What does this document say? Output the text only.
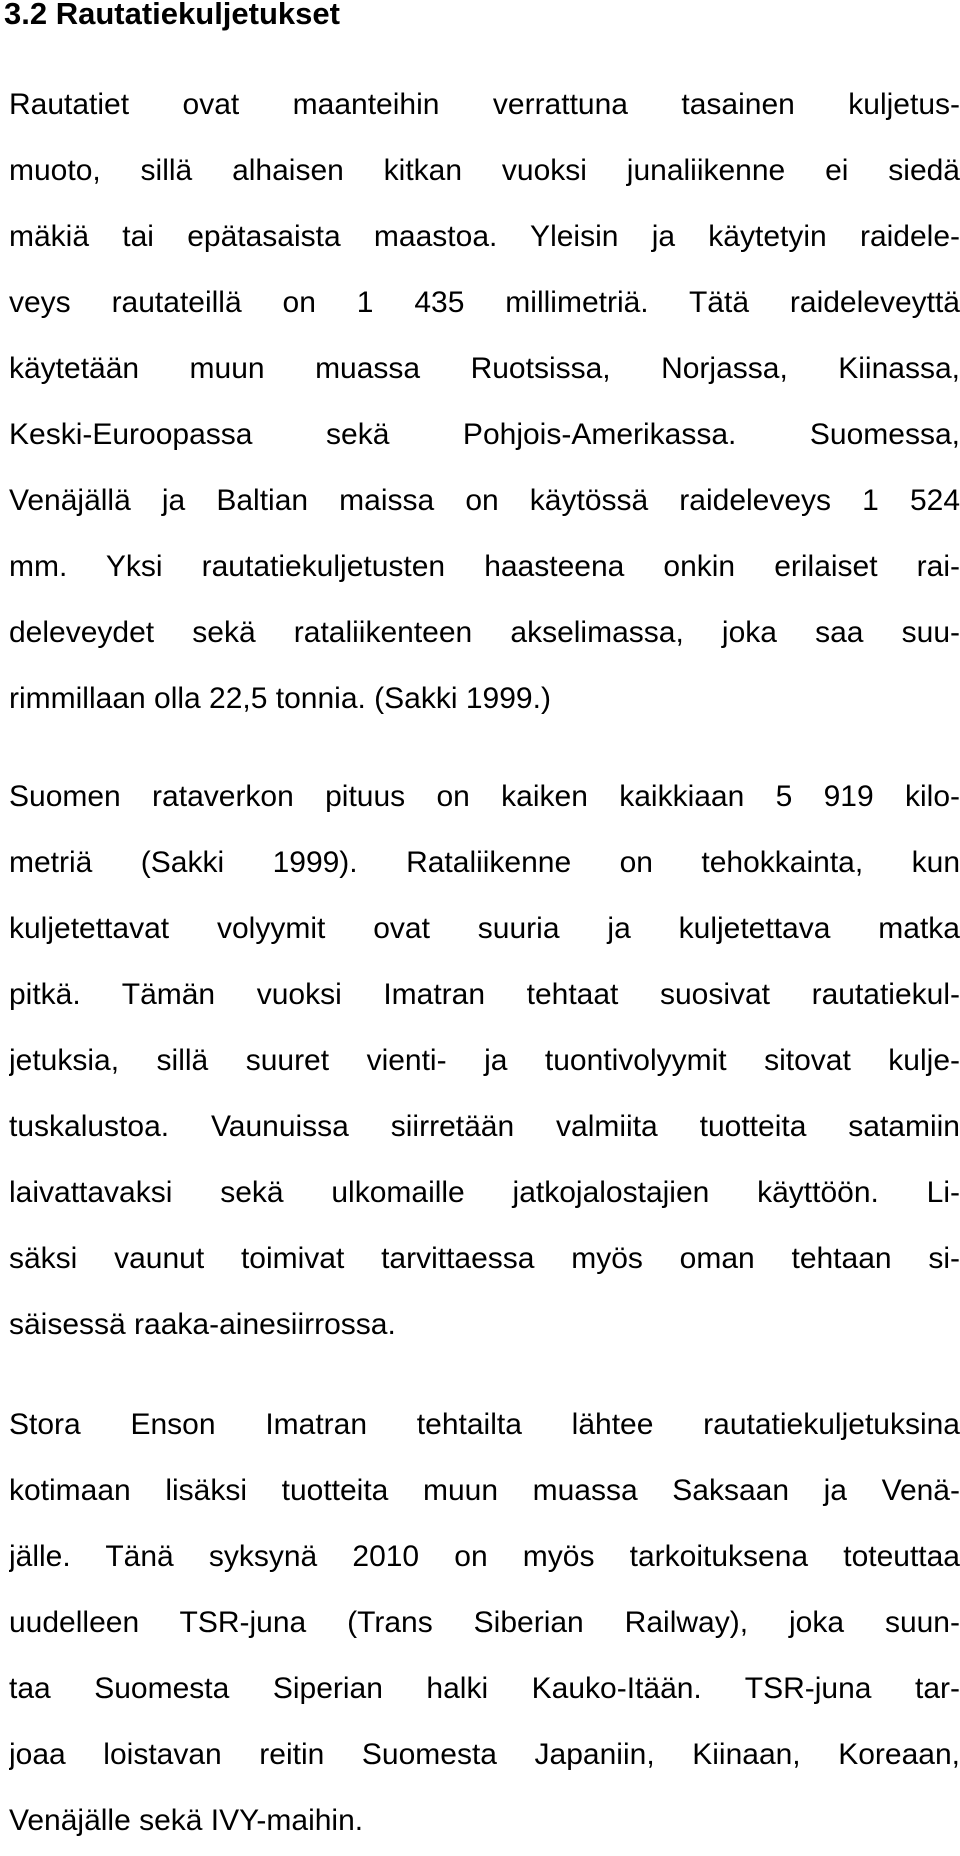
3.2 Rautatiekuljetukset

Rautatiet ovat maanteihin verrattuna tasainen kuljetus-
muoto, sillä alhaisen kitkan vuoksi junaliikenne ei siedä
mäkiä tai epätasaista maastoa. Yleisin ja käytetyin raidele-
veys rautateillä on 1 435 millimetriä. Tätä raideleveyttä
käytetään muun muassa Ruotsissa, Norjassa, Kiinassa,
Keski-Euroopassa sekä Pohjois-Amerikassa. Suomessa,
Venäjällä ja Baltian maissa on käytössä raideleveys 1 524
mm. Yksi rautatiekuljetusten haasteena onkin erilaiset rai-
deleveydet sekä rataliikenteen akselimassa, joka saa suu-
rimmillaan olla 22,5 tonnia. (Sakki 1999.)

Suomen rataverkon pituus on kaiken kaikkiaan 5 919 kilo-
metriä (Sakki 1999). Rataliikenne on tehokkainta, kun
kuljetettavat volyymit ovat suuria ja kuljetettava matka
pitkä. Tämän vuoksi Imatran tehtaat suosivat rautatiekul-
jetuksia, sillä suuret vienti- ja tuontivolyymit sitovat kulje-
tuskalustoa. Vaunuissa siirretään valmiita tuotteita satamiin
laivattavaksi sekä ulkomaille jatkojalostajien käyttöön. Li-
säksi vaunut toimivat tarvittaessa myös oman tehtaan si-
säisessä raaka-ainesiirrossa.

Stora Enson Imatran tehtailta lähtee rautatiekuljetuksina
kotimaan lisäksi tuotteita muun muassa Saksaan ja Venä-
jälle. Tänä syksynä 2010 on myös tarkoituksena toteuttaa
uudelleen TSR-juna (Trans Siberian Railway), joka suun-
taa Suomesta Siperian halki Kauko-Itään. TSR-juna tar-
joaa loistavan reitin Suomesta Japaniin, Kiinaan, Koreaan,
Venäjälle sekä IVY-maihin.
